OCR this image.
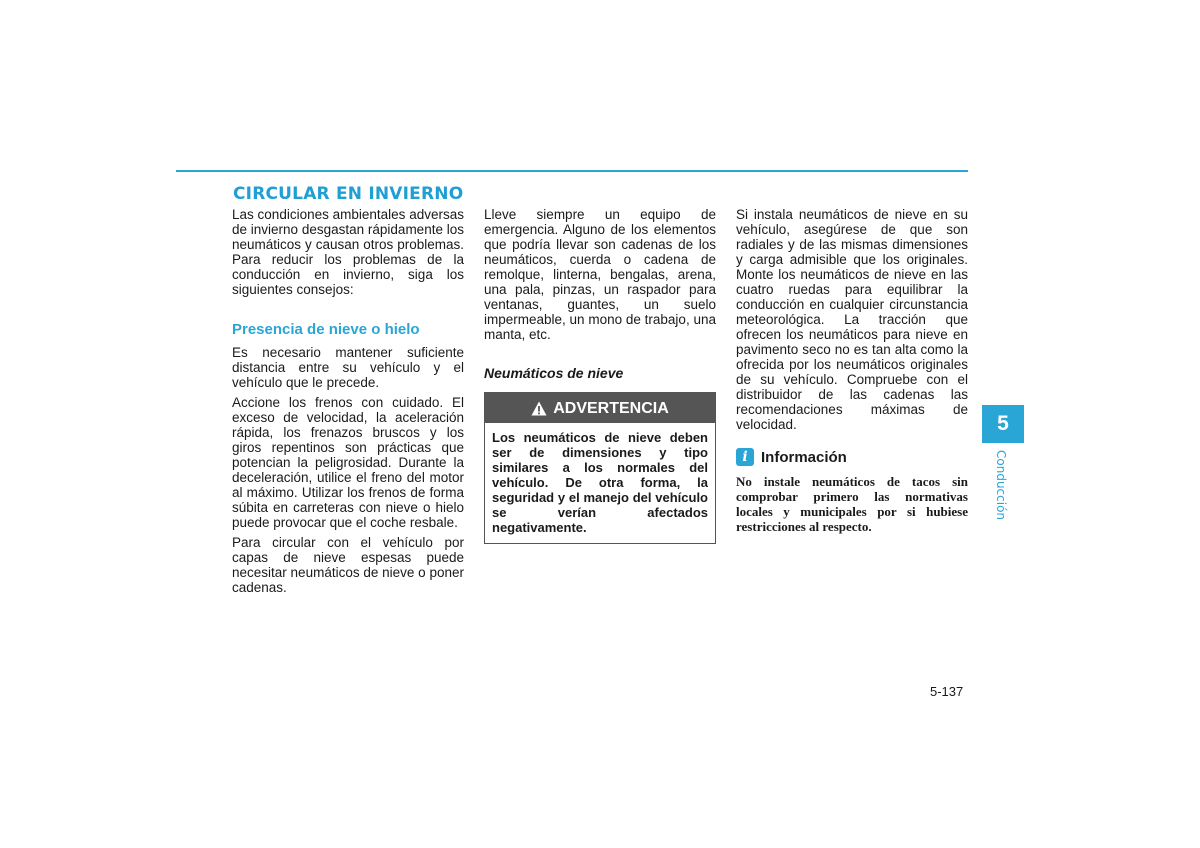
CIRCULAR EN INVIERNO

Las condiciones ambientales adversas de invierno desgastan rápidamente los neumáticos y causan otros problemas. Para reducir los problemas de la conducción en invierno, siga los siguientes consejos:

Presencia de nieve o hielo

Es necesario mantener suficiente distancia entre su vehículo y el vehículo que le precede.

Accione los frenos con cuidado. El exceso de velocidad, la aceleración rápida, los frenazos bruscos y los giros repentinos son prácticas que potencian la peligrosidad. Durante la deceleración, utilice el freno del motor al máximo. Utilizar los frenos de forma súbita en carreteras con nieve o hielo puede provocar que el coche resbale.

Para circular con el vehículo por capas de nieve espesas puede necesitar neumáticos de nieve o poner cadenas.

Lleve siempre un equipo de emergencia. Alguno de los elementos que podría llevar son cadenas de los neumáticos, cuerda o cadena de remolque, linterna, bengalas, arena, una pala, pinzas, un raspador para ventanas, guantes, un suelo impermeable, un mono de trabajo, una manta, etc.

Neumáticos de nieve
ADVERTENCIA
Los neumáticos de nieve deben ser de dimensiones y tipo similares a los normales del vehículo. De otra forma, la seguridad y el manejo del vehículo se verían afectados negativamente.

Si instala neumáticos de nieve en su vehículo, asegúrese de que son radiales y de las mismas dimensiones y carga admisible que los originales. Monte los neumáticos de nieve en las cuatro ruedas para equilibrar la conducción en cualquier circunstancia meteorológica. La tracción que ofrecen los neumáticos para nieve en pavimento seco no es tan alta como la ofrecida por los neumáticos originales de su vehículo. Compruebe con el distribuidor de las cadenas las recomendaciones máximas de velocidad.

i Información

No instale neumáticos de tacos sin comprobar primero las normativas locales y municipales por si hubiese restricciones al respecto.

5
Conducción
5-137
